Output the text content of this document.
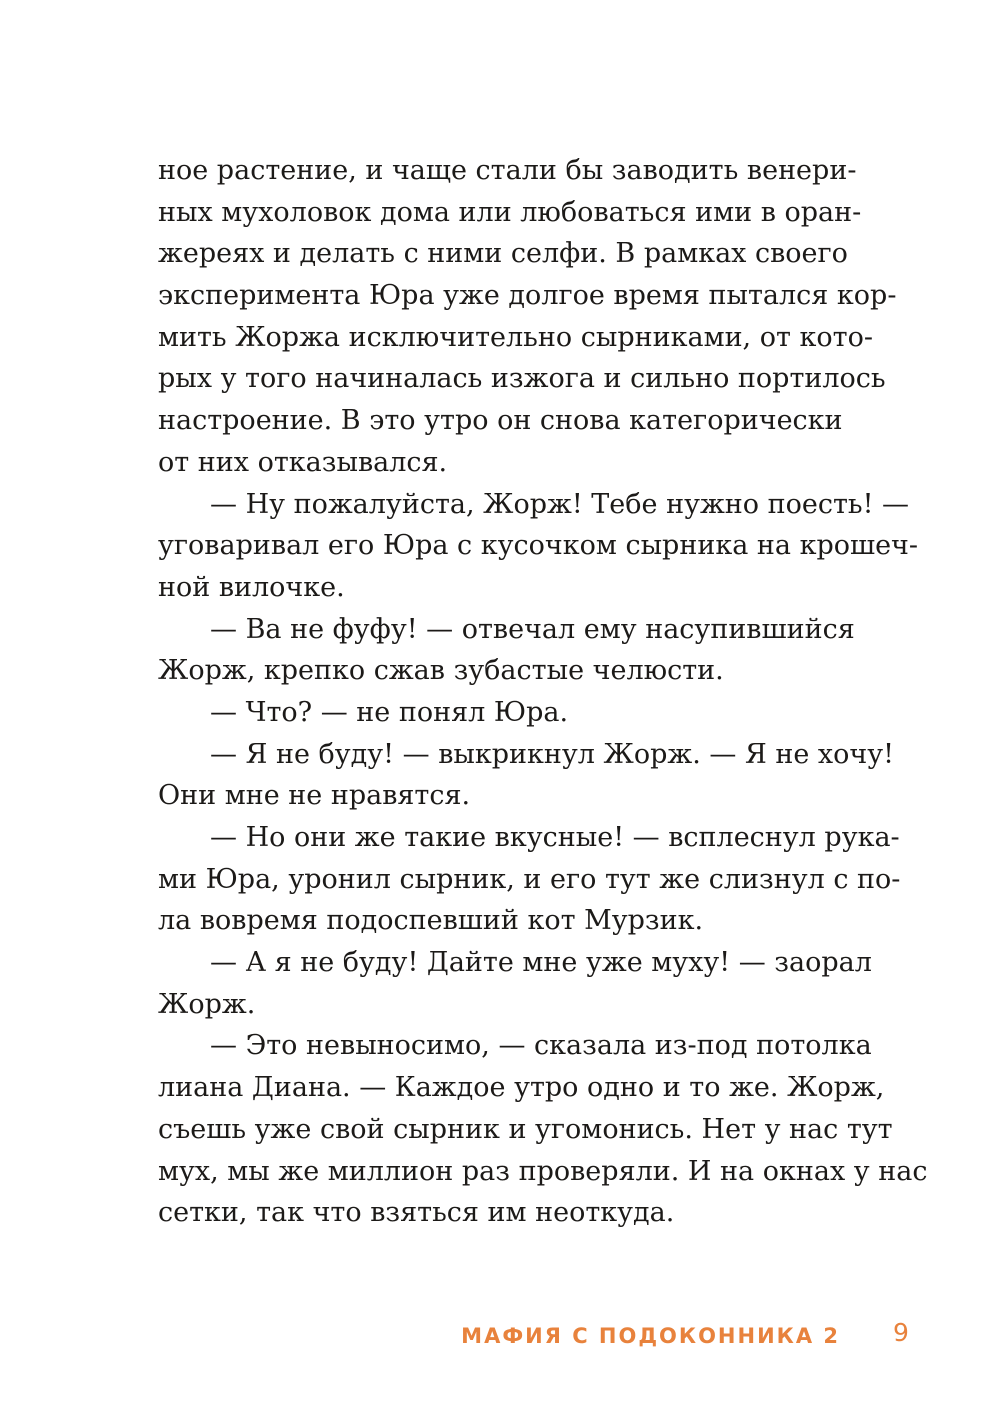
ное растение, и чаще стали бы заводить венери-
ных мухоловок дома или любоваться ими в оран-
жереях и делать с ними селфи. В рамках своего
эксперимента Юра уже долгое время пытался кор-
мить Жоржа исключительно сырниками, от кото-
рых у того начиналась изжога и сильно портилось
настроение. В это утро он снова категорически
от них отказывался.
— Ну пожалуйста, Жорж! Тебе нужно поесть! —
уговаривал его Юра с кусочком сырника на крошеч-
ной вилочке.
— Ва не фуфу! — отвечал ему насупившийся
Жорж, крепко сжав зубастые челюсти.
— Что? — не понял Юра.
— Я не буду! — выкрикнул Жорж. — Я не хочу!
Они мне не нравятся.
— Но они же такие вкусные! — всплеснул рука-
ми Юра, уронил сырник, и его тут же слизнул с по-
ла вовремя подоспевший кот Мурзик.
— А я не буду! Дайте мне уже муху! — заорал
Жорж.
— Это невыносимо, — сказала из-под потолка
лиана Диана. — Каждое утро одно и то же. Жорж,
съешь уже свой сырник и угомонись. Нет у нас тут
мух, мы же миллион раз проверяли. И на окнах у нас
сетки, так что взяться им неоткуда.
МАФИЯ С ПОДОКОННИКА 2 9
